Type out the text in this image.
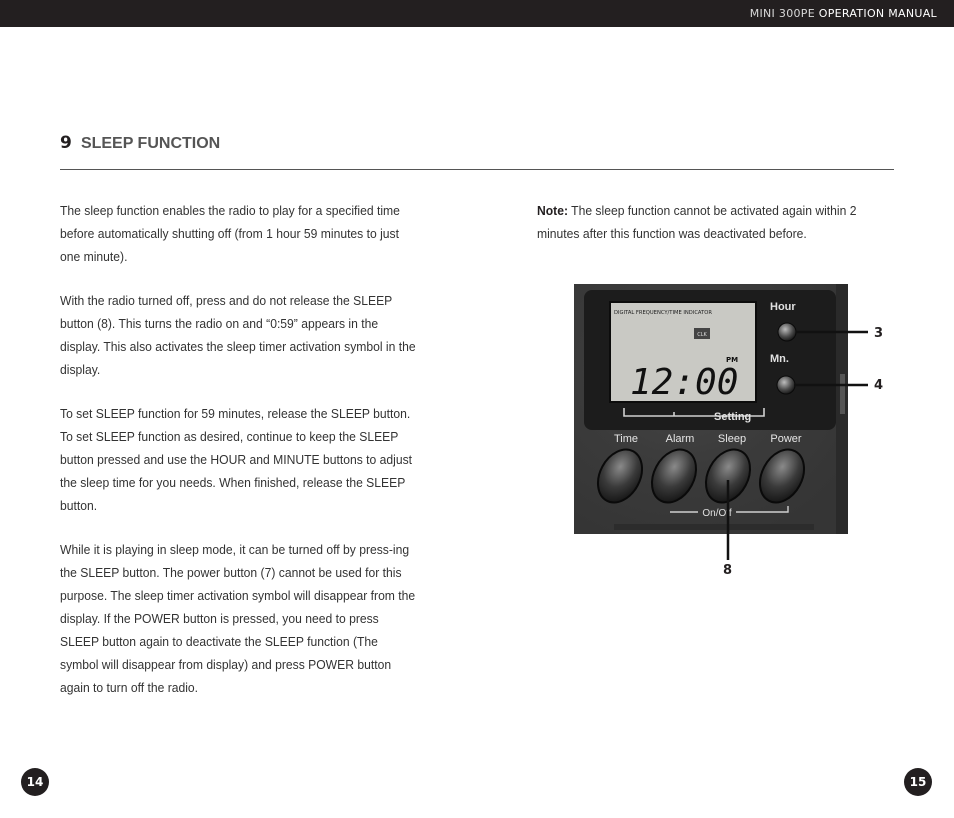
MINI 300PE OPERATION MANUAL
9 SLEEP FUNCTION

The sleep function enables the radio to play for a specified time before automatically shutting off (from 1 hour 59 minutes to just one minute).

With the radio turned off, press and do not release the SLEEP button (8). This turns the radio on and “0:59” appears in the display. This also activates the sleep timer activation symbol in the display.

To set SLEEP function for 59 minutes, release the SLEEP button. To set SLEEP function as desired, continue to keep the SLEEP button pressed and use the HOUR and MINUTE buttons to adjust the sleep time for you needs. When finished, release the SLEEP button.

While it is playing in sleep mode, it can be turned off by press-ing the SLEEP button. The power button (7) cannot be used for this purpose. The sleep timer activation symbol will disappear from the display. If the POWER button is pressed, you need to press SLEEP button again to deactivate the SLEEP function (The symbol will disappear from display) and press POWER button again to turn off the radio.

Note: The sleep function cannot be activated again within 2 minutes after this function was deactivated before.

DIGITAL FREQUENCY/TIME INDICATOR
CLK
12:00
PM
Hour
Mn.
Setting
Time	Alarm Sleep Power
On/Off
3
4
8
14	15
